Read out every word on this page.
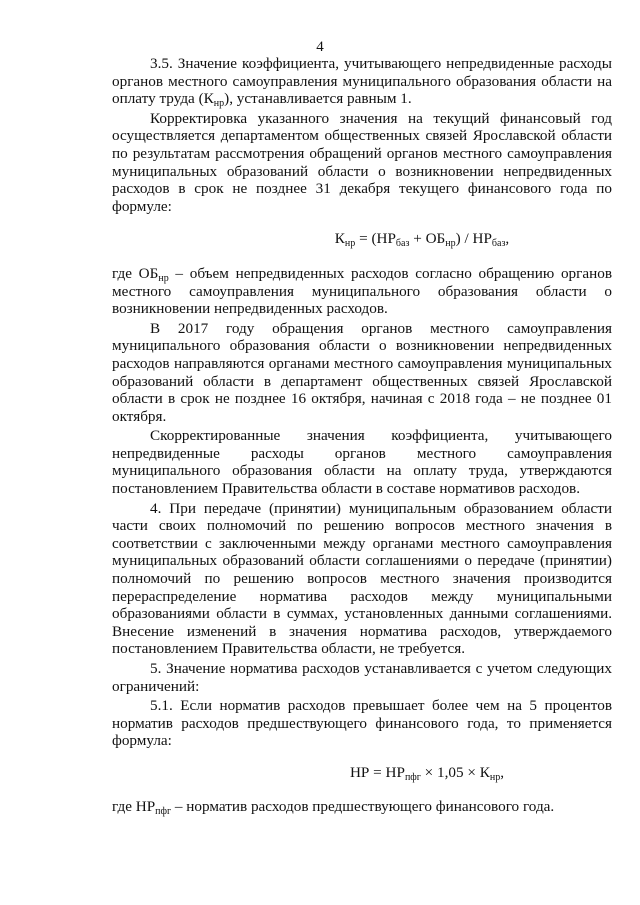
4

3.5. Значение коэффициента, учитывающего непредвиденные расходы органов местного самоуправления муниципального образования области на оплату труда $(К_{нр})$, устанавливается равным 1.

Корректировка указанного значения на текущий финансовый год осуществляется департаментом общественных связей Ярославской области по результатам рассмотрения обращений органов местного самоуправления муниципальных образований области о возникновении непредвиденных расходов в срок не позднее 31 декабря текущего финансового года по формуле:

$К_{нр} = (НР_{баз} + ОБ_{нр}) / НР_{баз}$,

где $ОБ_{нр}$ – объем непредвиденных расходов согласно обращению органов местного самоуправления муниципального образования области о возникновении непредвиденных расходов.

В 2017 году обращения органов местного самоуправления муниципального образования области о возникновении непредвиденных расходов направляются органами местного самоуправления муниципальных образований области в департамент общественных связей Ярославской области в срок не позднее 16 октября, начиная с 2018 года – не позднее 01 октября.

Скорректированные значения коэффициента, учитывающего непредвиденные расходы органов местного самоуправления муниципального образования области на оплату труда, утверждаются постановлением Правительства области в составе нормативов расходов.

4. При передаче (принятии) муниципальным образованием области части своих полномочий по решению вопросов местного значения в соответствии с заключенными между органами местного самоуправления муниципальных образований области соглашениями о передаче (принятии) полномочий по решению вопросов местного значения производится перераспределение норматива расходов между муниципальными образованиями области в суммах, установленных данными соглашениями. Внесение изменений в значения норматива расходов, утверждаемого постановлением Правительства области, не требуется.

5. Значение норматива расходов устанавливается с учетом следующих ограничений:

5.1. Если норматив расходов превышает более чем на 5 процентов норматив расходов предшествующего финансового года, то применяется формула:

НР = $НР_{пфг} \times 1,05 \times К_{нр}$,

где $НР_{пфг}$ – норматив расходов предшествующего финансового года.
